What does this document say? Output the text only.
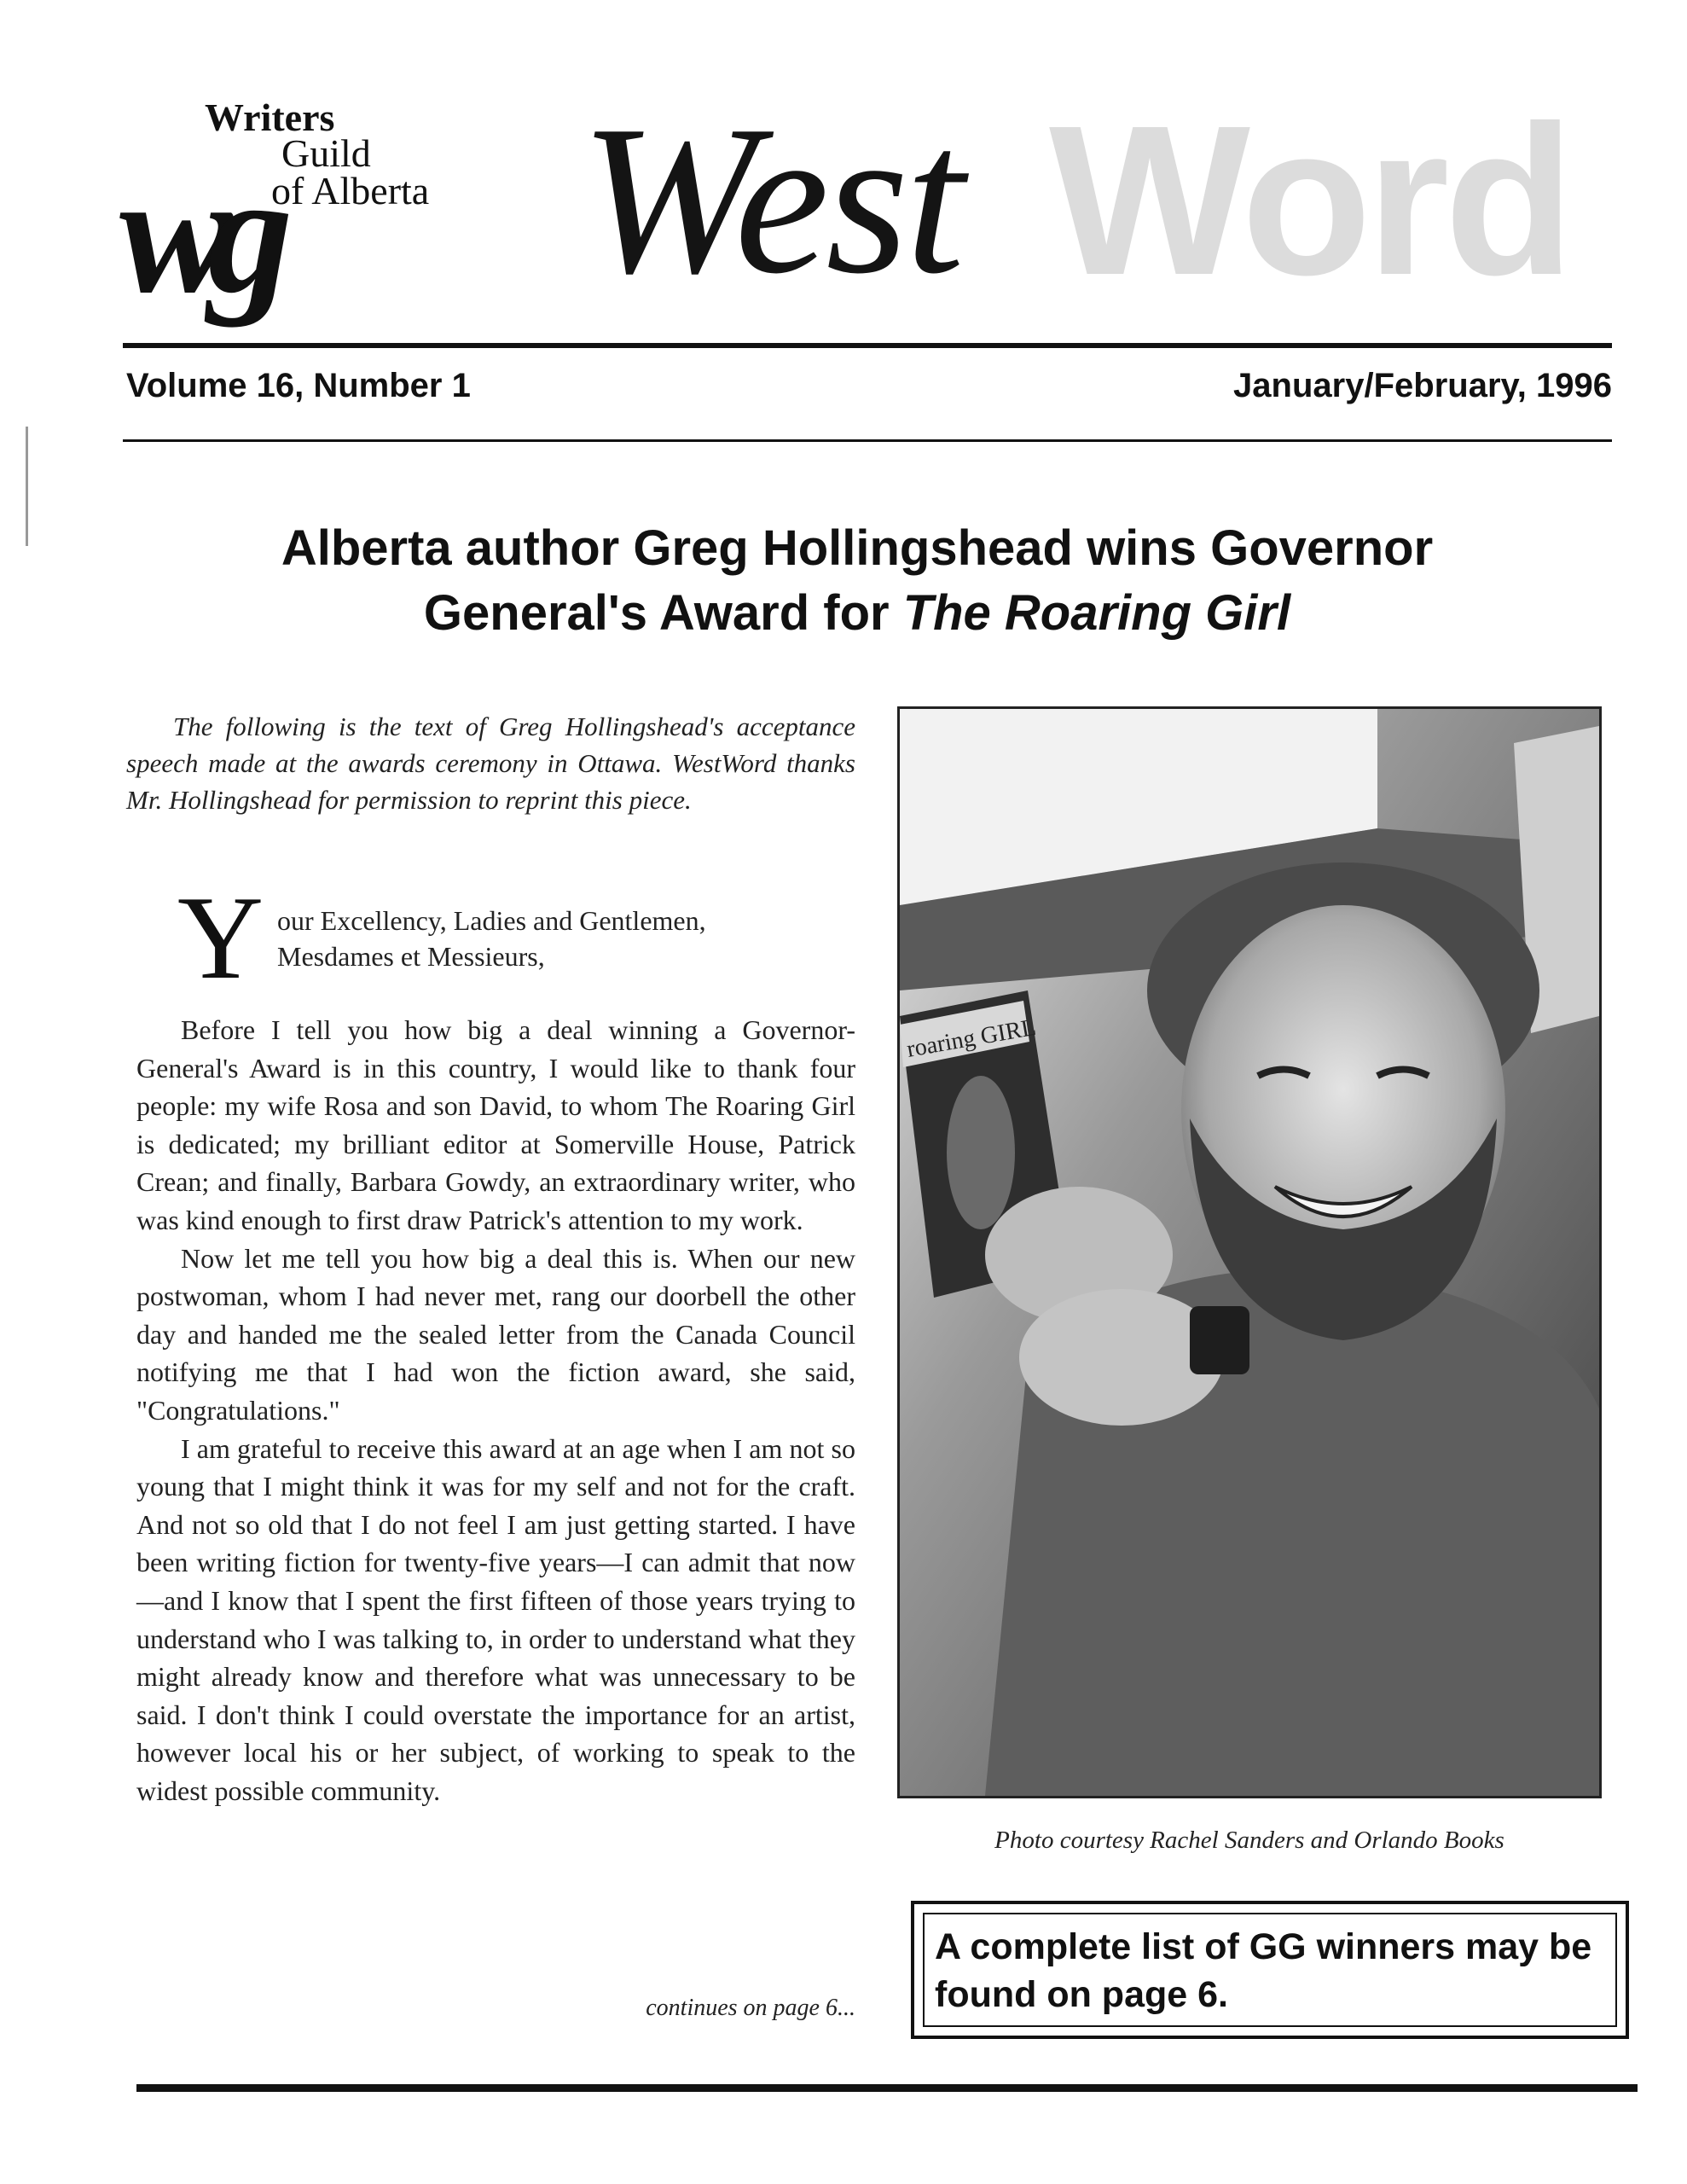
wg
Writers
Guild
of Alberta West Word
Volume 16, Number 1	January/February, 1996
Alberta author Greg Hollingshead wins Governor
General's Award for The Roaring Girl

The following is the text of Greg Hollingshead's acceptance speech made at the awards ceremony in Ottawa. WestWord thanks Mr. Hollingshead for permission to reprint this piece.

Y our Excellency, Ladies and Gentlemen,
Mesdames et Messieurs,

Before I tell you how big a deal winning a Governor-General's Award is in this country, I would like to thank four people: my wife Rosa and son David, to whom The Roaring Girl is dedicated; my brilliant editor at Somerville House, Patrick Crean; and finally, Barbara Gowdy, an extraordinary writer, who was kind enough to first draw Patrick's attention to my work.

Now let me tell you how big a deal this is. When our new postwoman, whom I had never met, rang our doorbell the other day and handed me the sealed letter from the Canada Council notifying me that I had won the fiction award, she said, "Congratulations."

I am grateful to receive this award at an age when I am not so young that I might think it was for my self and not for the craft. And not so old that I do not feel I am just getting started. I have been writing fiction for twenty-five years—I can admit that now—and I know that I spent the first fifteen of those years trying to understand who I was talking to, in order to understand what they might already know and therefore what was unnecessary to be said. I don't think I could overstate the importance for an artist, however local his or her subject, of working to speak to the widest possible community.

continues on page 6...
roaring GIRL
Photo courtesy Rachel Sanders and Orlando Books
A complete list of GG winners may be found on page 6.
